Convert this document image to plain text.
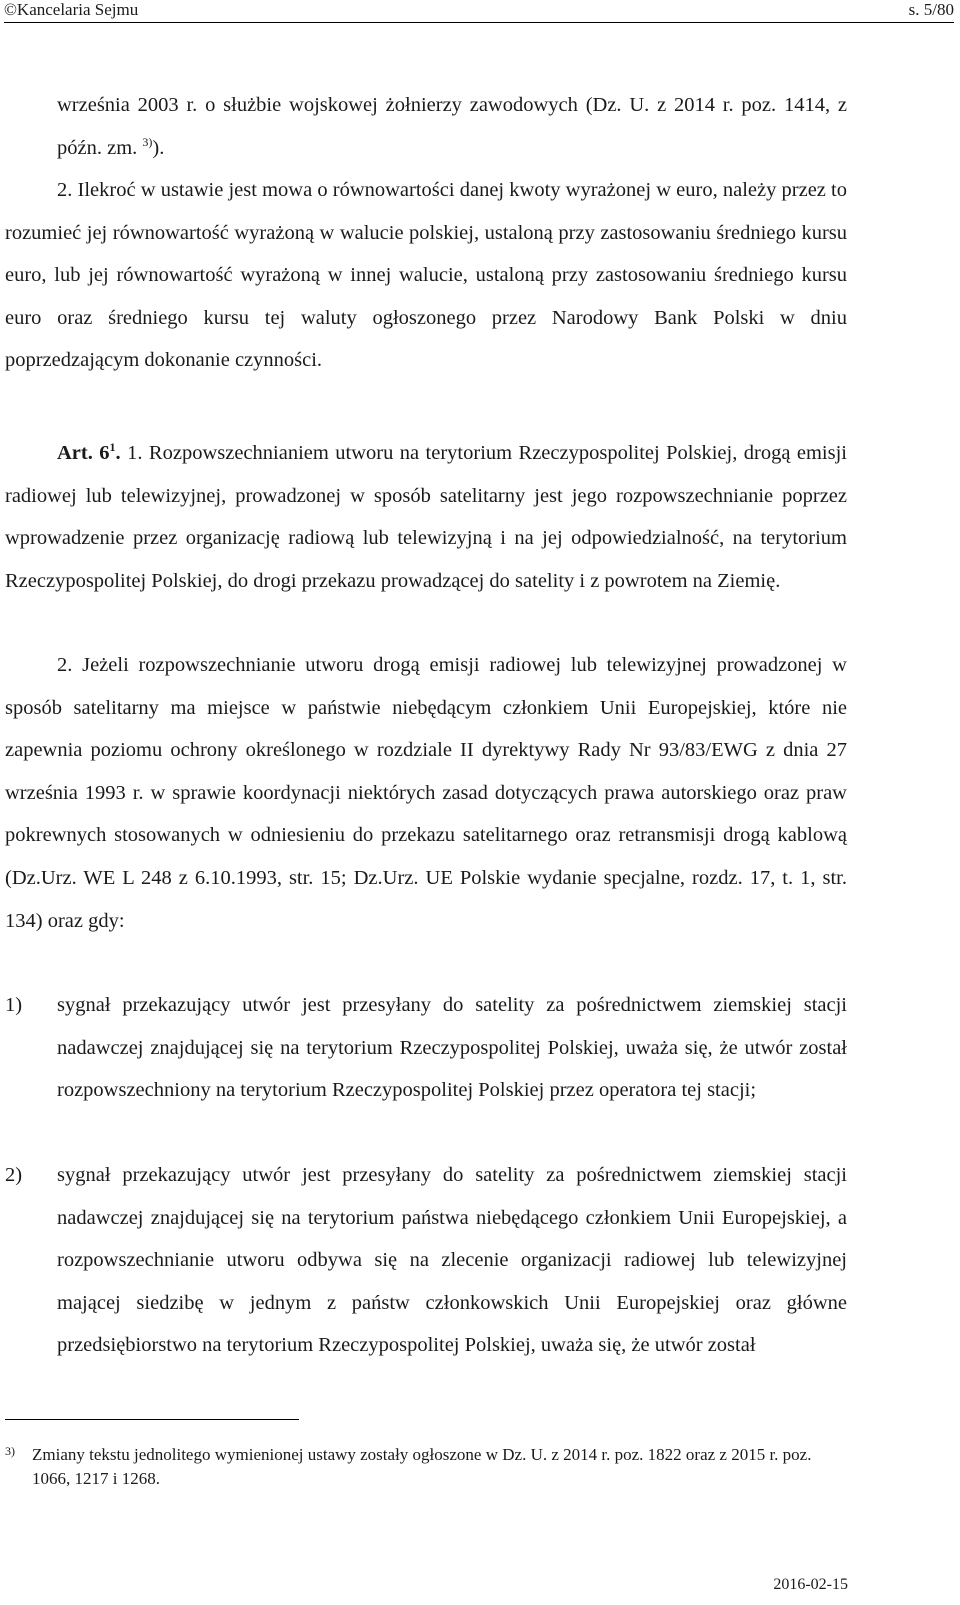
©Kancelaria Sejmu	s. 5/80
września 2003 r. o służbie wojskowej żołnierzy zawodowych (Dz. U. z 2014 r. poz. 1414, z późn. zm. $^{3)}$).
2. Ilekroć w ustawie jest mowa o równowartości danej kwoty wyrażonej w euro, należy przez to rozumieć jej równowartość wyrażoną w walucie polskiej, ustaloną przy zastosowaniu średniego kursu euro, lub jej równowartość wyrażoną w innej walucie, ustaloną przy zastosowaniu średniego kursu euro oraz średniego kursu tej waluty ogłoszonego przez Narodowy Bank Polski w dniu poprzedzającym dokonanie czynności.
Art. $6^1$. 1. Rozpowszechnianiem utworu na terytorium Rzeczypospolitej Polskiej, drogą emisji radiowej lub telewizyjnej, prowadzonej w sposób satelitarny jest jego rozpowszechnianie poprzez wprowadzenie przez organizację radiową lub telewizyjną i na jej odpowiedzialność, na terytorium Rzeczypospolitej Polskiej, do drogi przekazu prowadzącej do satelity i z powrotem na Ziemię.
2. Jeżeli rozpowszechnianie utworu drogą emisji radiowej lub telewizyjnej prowadzonej w sposób satelitarny ma miejsce w państwie niebędącym członkiem Unii Europejskiej, które nie zapewnia poziomu ochrony określonego w rozdziale II dyrektywy Rady Nr 93/83/EWG z dnia 27 września 1993 r. w sprawie koordynacji niektórych zasad dotyczących prawa autorskiego oraz praw pokrewnych stosowanych w odniesieniu do przekazu satelitarnego oraz retransmisji drogą kablową (Dz.Urz. WE L 248 z 6.10.1993, str. 15; Dz.Urz. UE Polskie wydanie specjalne, rozdz. 17, t. 1, str. 134) oraz gdy:
1) sygnał przekazujący utwór jest przesyłany do satelity za pośrednictwem ziemskiej stacji nadawczej znajdującej się na terytorium Rzeczypospolitej Polskiej, uważa się, że utwór został rozpowszechniony na terytorium Rzeczypospolitej Polskiej przez operatora tej stacji;
2) sygnał przekazujący utwór jest przesyłany do satelity za pośrednictwem ziemskiej stacji nadawczej znajdującej się na terytorium państwa niebędącego członkiem Unii Europejskiej, a rozpowszechnianie utworu odbywa się na zlecenie organizacji radiowej lub telewizyjnej mającej siedzibę w jednym z państw członkowskich Unii Europejskiej oraz główne przedsiębiorstwo na terytorium Rzeczypospolitej Polskiej, uważa się, że utwór został
3) Zmiany tekstu jednolitego wymienionej ustawy zostały ogłoszone w Dz. U. z 2014 r. poz. 1822 oraz z 2015 r. poz. 1066, 1217 i 1268.
2016-02-15
